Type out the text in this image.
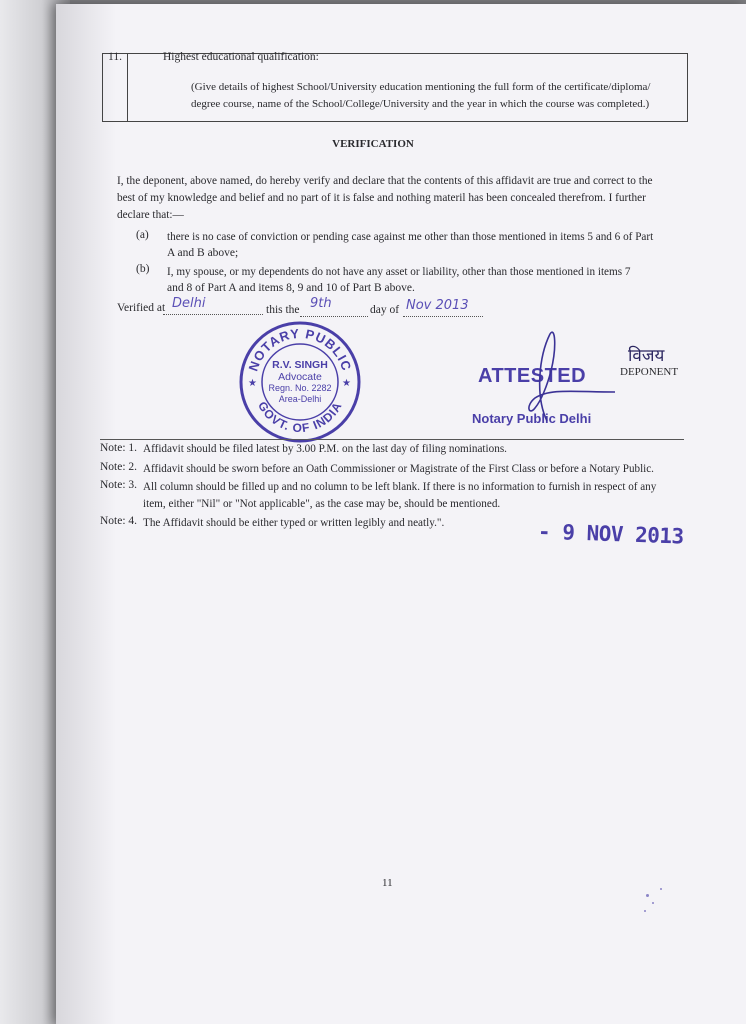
11.	Highest educational qualification:
(Give details of highest School/University education mentioning the full form of the certificate/diploma/
degree course, name of the School/College/University and the year in which the course was completed.)
VERIFICATION
I, the deponent, above named, do hereby verify and declare that the contents of this affidavit are true and correct to the
best of my knowledge and belief and no part of it is false and nothing materil has been concealed therefrom. I further
declare that:—
(a) there is no case of conviction or pending case against me other than those mentioned in items 5 and 6 of Part
A and B above;
(b) I, my spouse, or my dependents do not have any asset or liability, other than those mentioned in items 7
and 8 of Part A and items 8, 9 and 10 of Part B above.
Verified at Delhi	this the 9th	day of Nov 2013
NOTARY PUBLIC
GOVT. OF INDIA
★	★
R.V. SINGH
Advocate
Regn. No. 2282
Area-Delhi
ATTESTED
Notary Public Delhi
विजय
DEPONENT
Note: 1. Affidavit should be filed latest by 3.00 P.M. on the last day of filing nominations.
Note: 2. Affidavit should be sworn before an Oath Commissioner or Magistrate of the First Class or before a Notary Public.
Note: 3. All column should be filled up and no column to be left blank. If there is no information to furnish in respect of any
item, either "Nil" or "Not applicable", as the case may be, should be mentioned.
Note: 4. The Affidavit should be either typed or written legibly and neatly.".	- 9 NOV 2013
11
